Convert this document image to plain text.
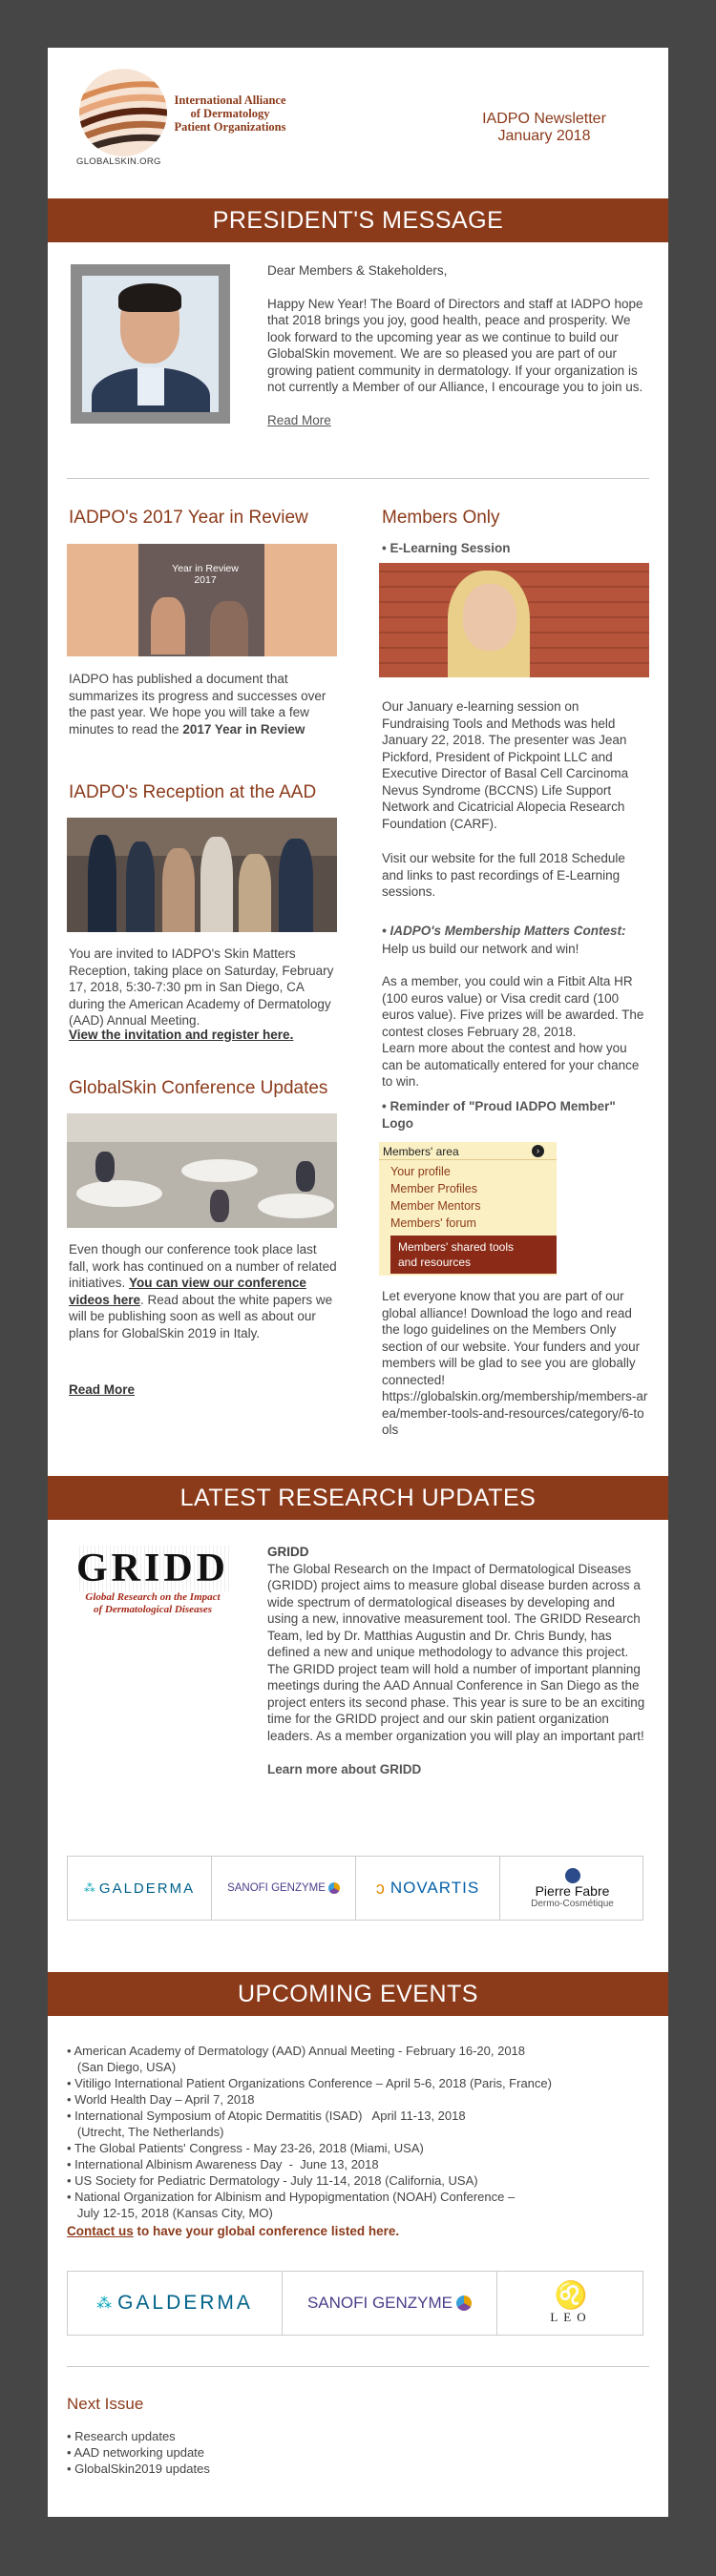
International Alliance
of Dermatology
Patient Organizations
GLOBALSKIN.ORG
IADPO Newsletter
January 2018
PRESIDENT'S MESSAGE

Dear Members & Stakeholders,

Happy New Year! The Board of Directors and staff at IADPO hope that 2018 brings you joy, good health, peace and prosperity. We look forward to the upcoming year as we continue to build our GlobalSkin movement. We are so pleased you are part of our growing patient community in dermatology. If your organization is not currently a Member of our Alliance, I encourage you to join us.

Read More

IADPO's 2017 Year in Review
Year in Review
2017

IADPO has published a document that summarizes its progress and successes over the past year. We hope you will take a few minutes to read the 2017 Year in Review

IADPO's Reception at the AAD

You are invited to IADPO's Skin Matters Reception, taking place on Saturday, February 17, 2018, 5:30-7:30 pm in San Diego, CA during the American Academy of Dermatology (AAD) Annual Meeting.

View the invitation and register here.
GlobalSkin Conference Updates

Even though our conference took place last fall, work has continued on a number of related initiatives. You can view our conference videos here. Read about the white papers we will be publishing soon as well as about our plans for GlobalSkin 2019 in Italy.

Read More
Members Only
• E-Learning Session

Our January e-learning session on Fundraising Tools and Methods was held January 22, 2018. The presenter was Jean Pickford, President of Pickpoint LLC and Executive Director of Basal Cell Carcinoma Nevus Syndrome (BCCNS) Life Support Network and Cicatricial Alopecia Research Foundation (CARF).

Visit our website for the full 2018 Schedule and links to past recordings of E-Learning sessions.

• IADPO's Membership Matters Contest:

Help us build our network and win!

As a member, you could win a Fitbit Alta HR (100 euros value) or Visa credit card (100 euros value). Five prizes will be awarded. The contest closes February 28, 2018.

Learn more about the contest and how you can be automatically entered for your chance to win.

• Reminder of "Proud IADPO Member"
Logo
Members' area	›
Your profile
Member Profiles
Member Mentors
Members' forum
Members' shared tools
and resources

Let everyone know that you are part of our global alliance! Download the logo and read the logo guidelines on the Members Only section of our website. Your funders and your members will be glad to see you are globally connected!

https://globalskin.org/membership/members-area/member-tools-and-resources/category/6-tools

LATEST RESEARCH UPDATES
GRIDD
Global Research on the Impact
of Dermatological Diseases

GRIDD

The Global Research on the Impact of Dermatological Diseases (GRIDD) project aims to measure global disease burden across a wide spectrum of dermatological diseases by developing and using a new, innovative measurement tool. The GRIDD Research Team, led by Dr. Matthias Augustin and Dr. Chris Bundy, has defined a new and unique methodology to advance this project. The GRIDD project team will hold a number of important planning meetings during the AAD Annual Conference in San Diego as the project enters its second phase. This year is sure to be an exciting time for the GRIDD project and our skin patient organization leaders. As a member organization you will play an important part!

Learn more about GRIDD

⁂ GALDERMA	SANOFI GENZYME	ↄ NOVARTIS	Pierre Fabre
Dermo-Cosmétique
UPCOMING EVENTS
• American Academy of Dermatology (AAD) Annual Meeting - February 16-20, 2018
(San Diego, USA)
• Vitiligo International Patient Organizations Conference – April 5-6, 2018 (Paris, France)
• World Health Day – April 7, 2018
• International Symposium of Atopic Dermatitis (ISAD)   April 11-13, 2018
(Utrecht, The Netherlands)
• The Global Patients' Congress - May 23-26, 2018 (Miami, USA)
• International Albinism Awareness Day  -  June 13, 2018
• US Society for Pediatric Dermatology - July 11-14, 2018 (California, USA)
• National Organization for Albinism and Hypopigmentation (NOAH) Conference –
July 12-15, 2018 (Kansas City, MO)
Contact us to have your global conference listed here.
⁂ GALDERMA	SANOFI GENZYME	♌
LEO
Next Issue
• Research updates
• AAD networking update
• GlobalSkin2019 updates
